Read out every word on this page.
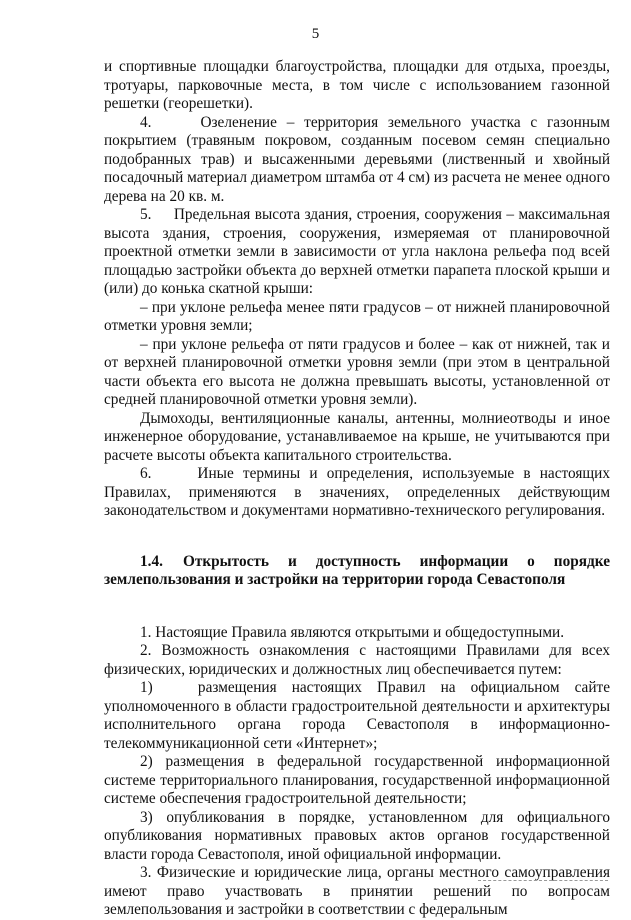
5

и спортивные площадки благоустройства, площадки для отдыха, проезды, тротуары, парковочные места, в том числе с использованием газонной решетки (георешетки).

4.     Озеленение – территория земельного участка с газонным покрытием (травяным покровом, созданным посевом семян специально подобранных трав) и высаженными деревьями (лиственный и хвойный посадочный материал диаметром штамба от 4 см) из расчета не менее одного дерева на 20 кв. м.

5.     Предельная высота здания, строения, сооружения – максимальная высота здания, строения, сооружения, измеряемая от планировочной проектной отметки земли в зависимости от угла наклона рельефа под всей площадью застройки объекта до верхней отметки парапета плоской крыши и (или) до конька скатной крыши:

– при уклоне рельефа менее пяти градусов – от нижней планировочной отметки уровня земли;

– при уклоне рельефа от пяти градусов и более – как от нижней, так и от верхней планировочной отметки уровня земли (при этом в центральной части объекта его высота не должна превышать высоты, установленной от средней планировочной отметки уровня земли).

Дымоходы, вентиляционные каналы, антенны, молниеотводы и иное инженерное оборудование, устанавливаемое на крыше, не учитываются при расчете высоты объекта капитального строительства.

6.     Иные термины и определения, используемые в настоящих Правилах, применяются в значениях, определенных действующим законодательством и документами нормативно-технического регулирования.

1.4. Открытость и доступность информации о порядке землепользования и застройки на территории города Севастополя

1. Настоящие Правила являются открытыми и общедоступными.

2. Возможность ознакомления с настоящими Правилами для всех физических, юридических и должностных лиц обеспечивается путем:

1)   размещения настоящих Правил на официальном сайте уполномоченного в области градостроительной деятельности и архитектуры исполнительного органа города Севастополя в информационно-телекоммуникационной сети «Интернет»;

2) размещения в федеральной государственной информационной системе территориального планирования, государственной информационной системе обеспечения градостроительной деятельности;

3) опубликования в порядке, установленном для официального опубликования нормативных правовых актов органов государственной власти города Севастополя, иной официальной информации.

3. Физические и юридические лица, органы местного самоуправления имеют право участвовать в принятии решений по вопросам землепользования и застройки в соответствии с федеральным
